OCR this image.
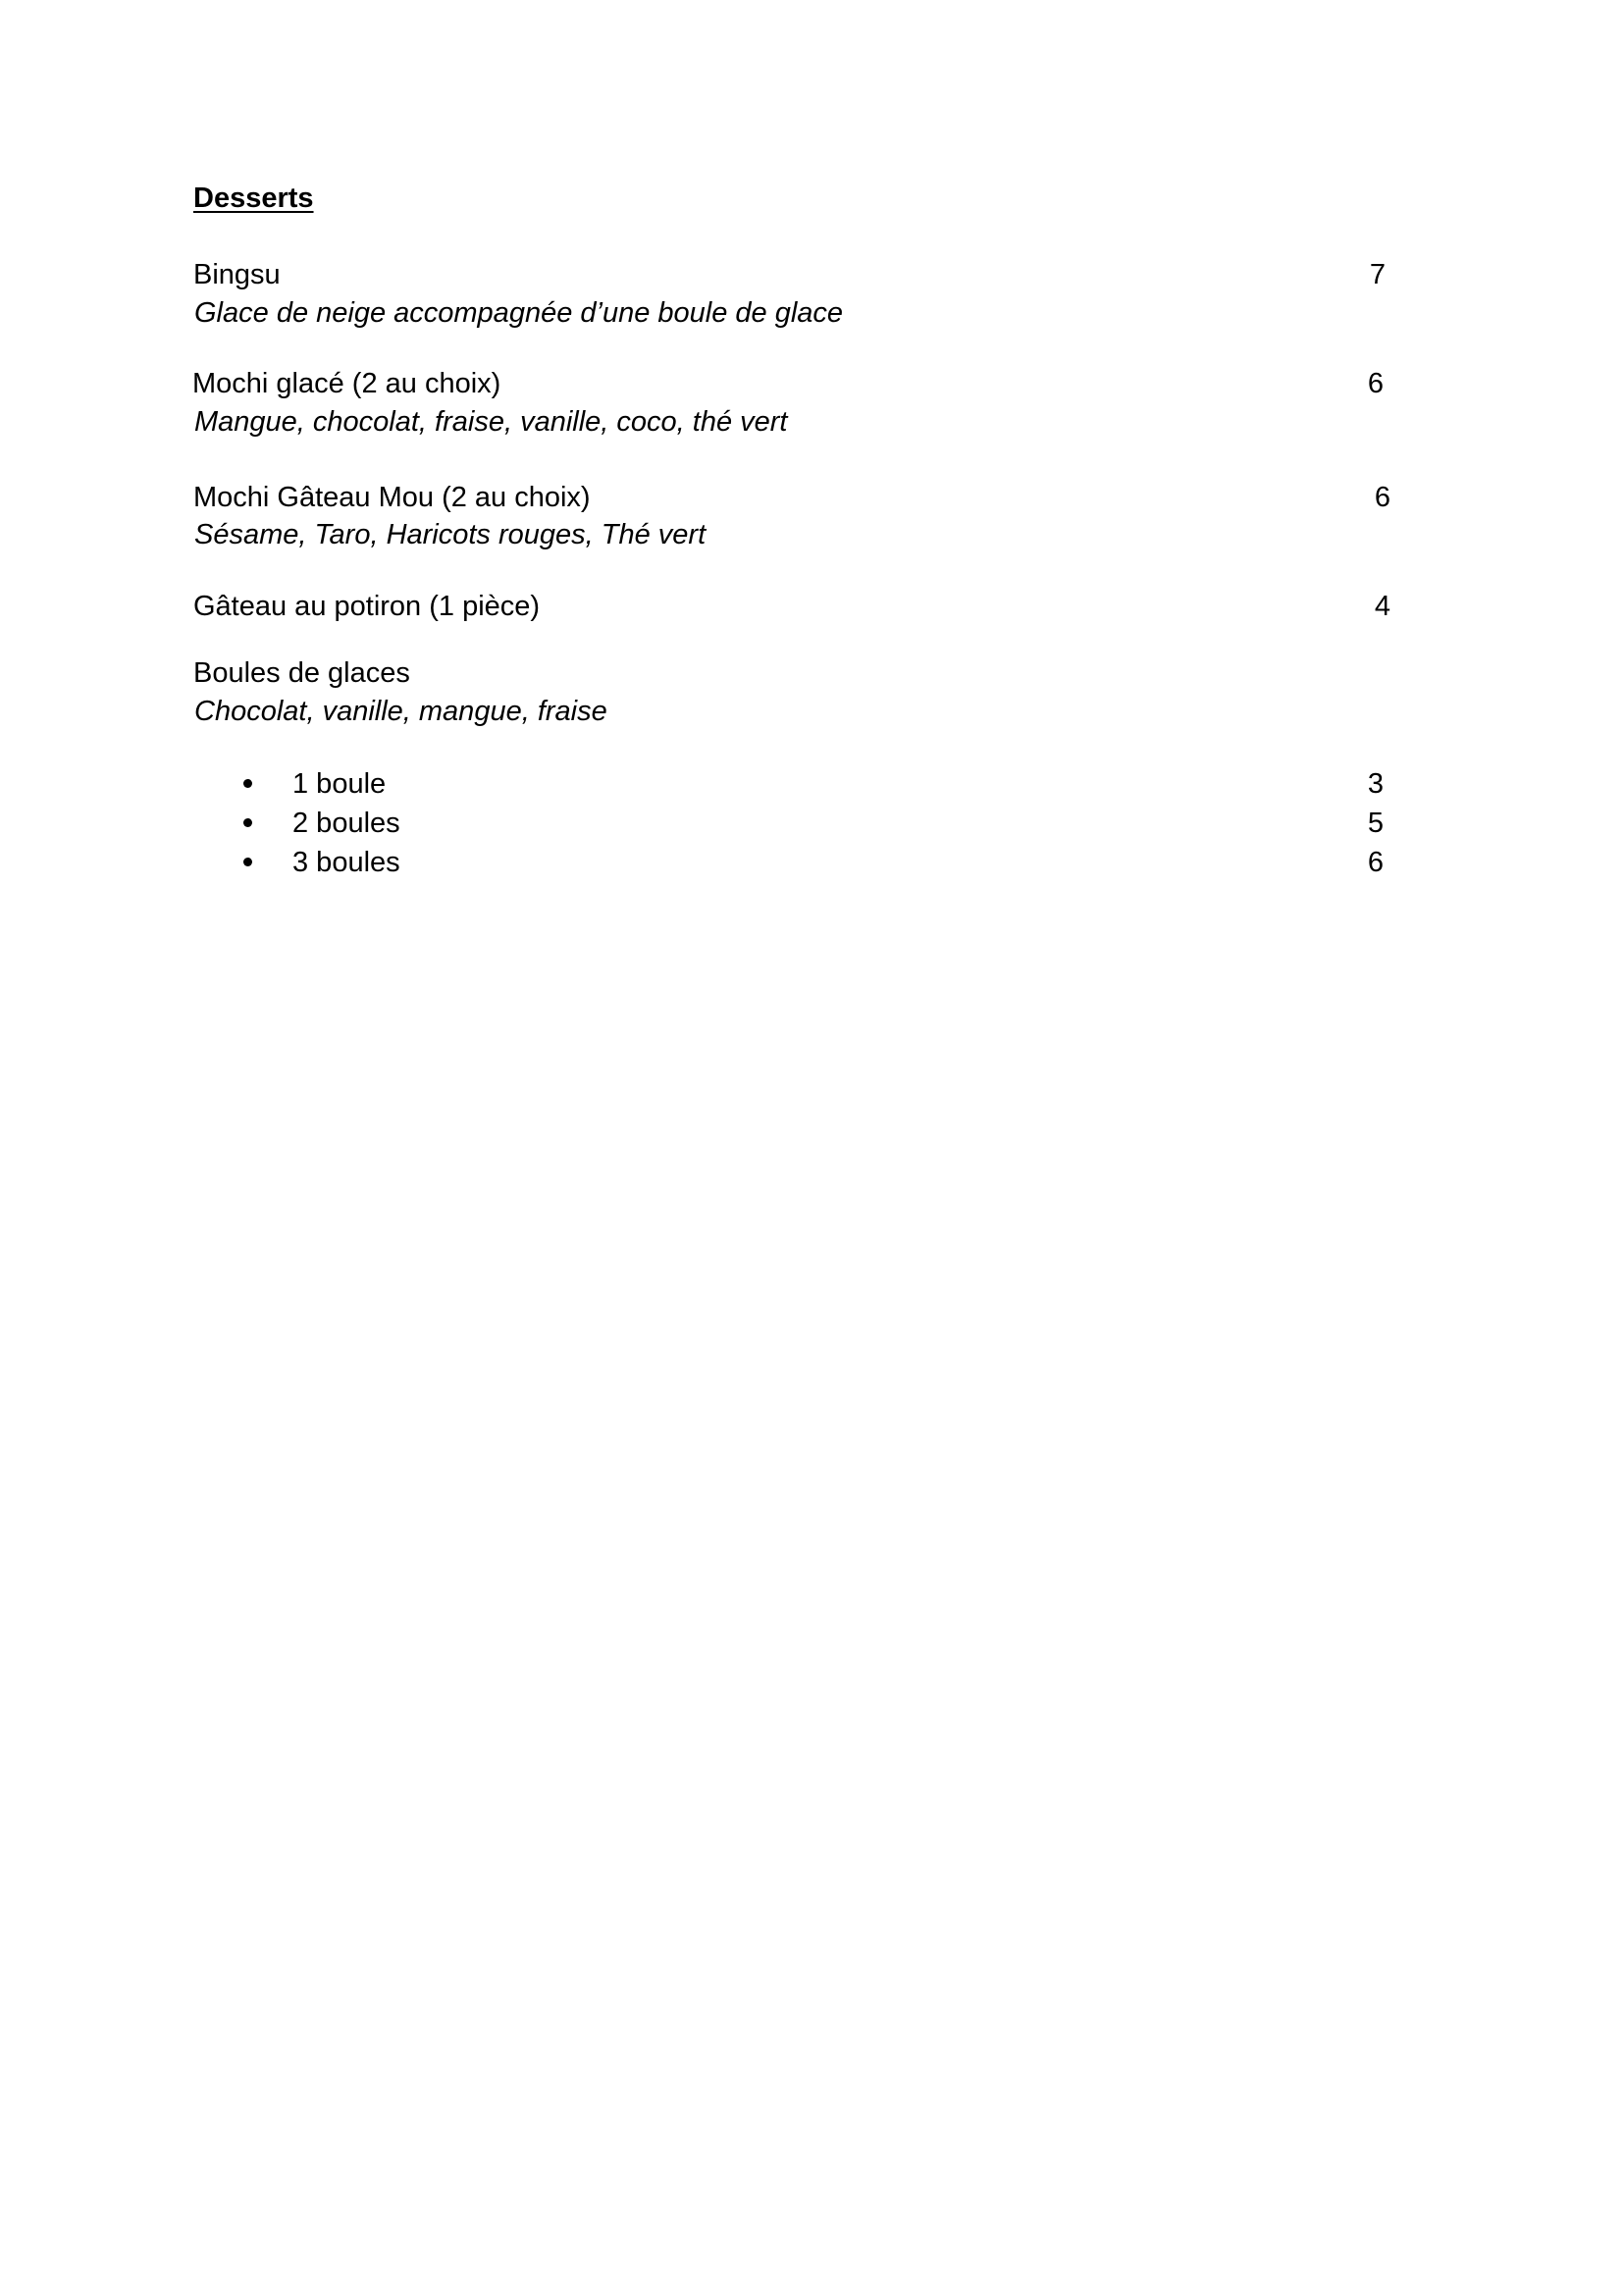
Desserts
Bingsu	7
Glace de neige accompagnée d’une boule de glace
Mochi glacé (2 au choix)	6
Mangue, chocolat, fraise, vanille, coco, thé vert
Mochi Gâteau Mou (2 au choix)	6
Sésame, Taro, Haricots rouges, Thé vert
Gâteau au potiron (1 pièce)	4
Boules de glaces
Chocolat, vanille, mangue, fraise
1 boule	3
2 boules	5
3 boules	6
